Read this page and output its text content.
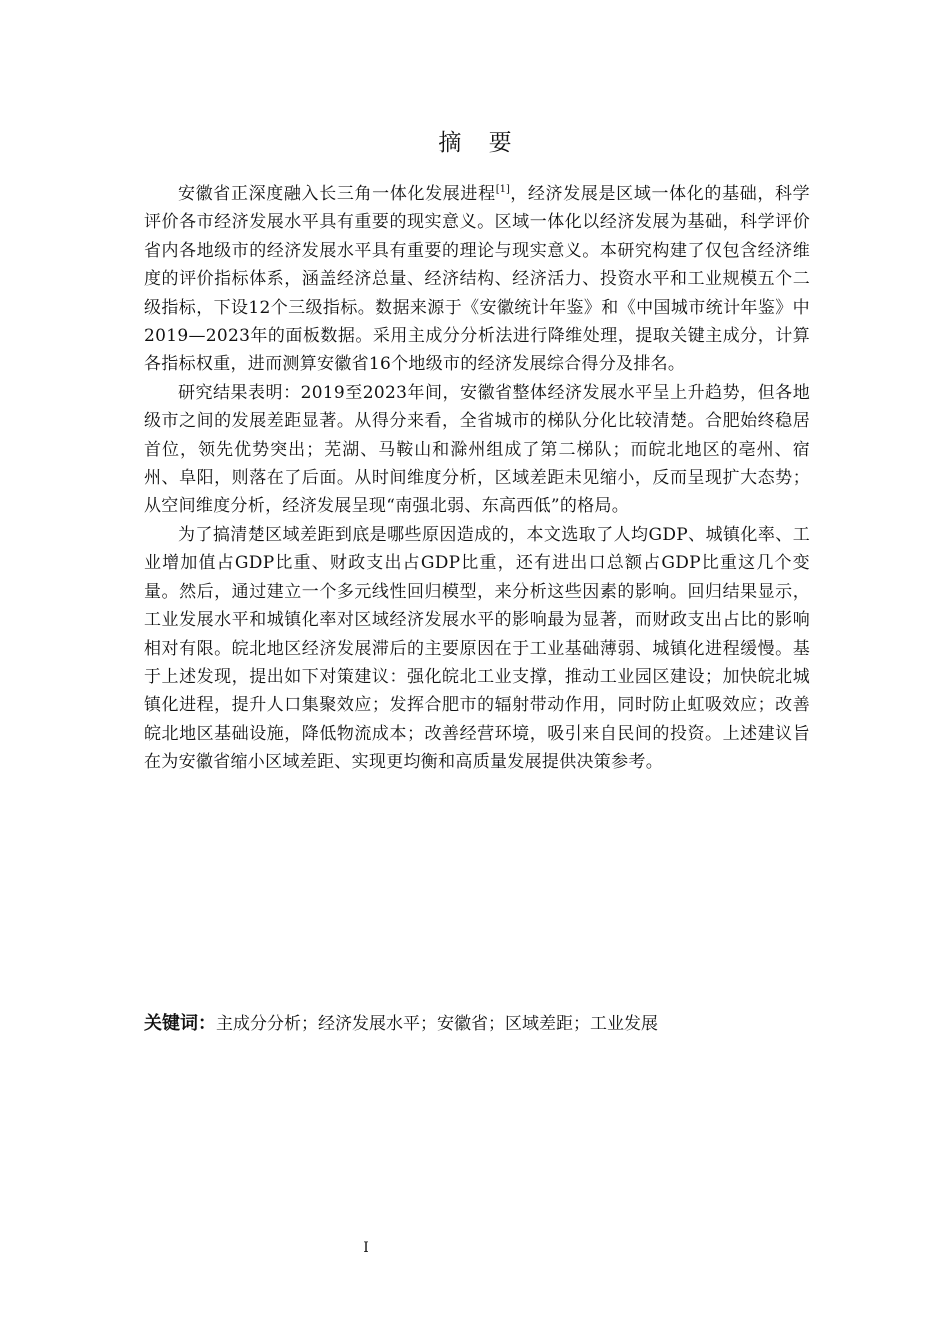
摘 要

安徽省正深度融入长三角一体化发展进程[1]，经济发展是区域一体化的基础，科学评价各市经济发展水平具有重要的现实意义。区域一体化以经济发展为基础，科学评价省内各地级市的经济发展水平具有重要的理论与现实意义。本研究构建了仅包含经济维度的评价指标体系，涵盖经济总量、经济结构、经济活力、投资水平和工业规模五个二级指标，下设12个三级指标。数据来源于《安徽统计年鉴》和《中国城市统计年鉴》中2019—2023年的面板数据。采用主成分分析法进行降维处理，提取关键主成分，计算各指标权重，进而测算安徽省16个地级市的经济发展综合得分及排名。

研究结果表明：2019至2023年间，安徽省整体经济发展水平呈上升趋势，但各地级市之间的发展差距显著。从得分来看，全省城市的梯队分化比较清楚。合肥始终稳居首位，领先优势突出；芜湖、马鞍山和滁州组成了第二梯队；而皖北地区的亳州、宿州、阜阳，则落在了后面。从时间维度分析，区域差距未见缩小，反而呈现扩大态势；从空间维度分析，经济发展呈现“南强北弱、东高西低”的格局。

为了搞清楚区域差距到底是哪些原因造成的，本文选取了人均GDP、城镇化率、工业增加值占GDP比重、财政支出占GDP比重，还有进出口总额占GDP比重这几个变量。然后，通过建立一个多元线性回归模型，来分析这些因素的影响。回归结果显示，工业发展水平和城镇化率对区域经济发展水平的影响最为显著，而财政支出占比的影响相对有限。皖北地区经济发展滞后的主要原因在于工业基础薄弱、城镇化进程缓慢。基于上述发现，提出如下对策建议：强化皖北工业支撑，推动工业园区建设；加快皖北城镇化进程，提升人口集聚效应；发挥合肥市的辐射带动作用，同时防止虹吸效应；改善皖北地区基础设施，降低物流成本；改善经营环境，吸引来自民间的投资。上述建议旨在为安徽省缩小区域差距、实现更均衡和高质量发展提供决策参考。

关键词：主成分分析；经济发展水平；安徽省；区域差距；工业发展
I
